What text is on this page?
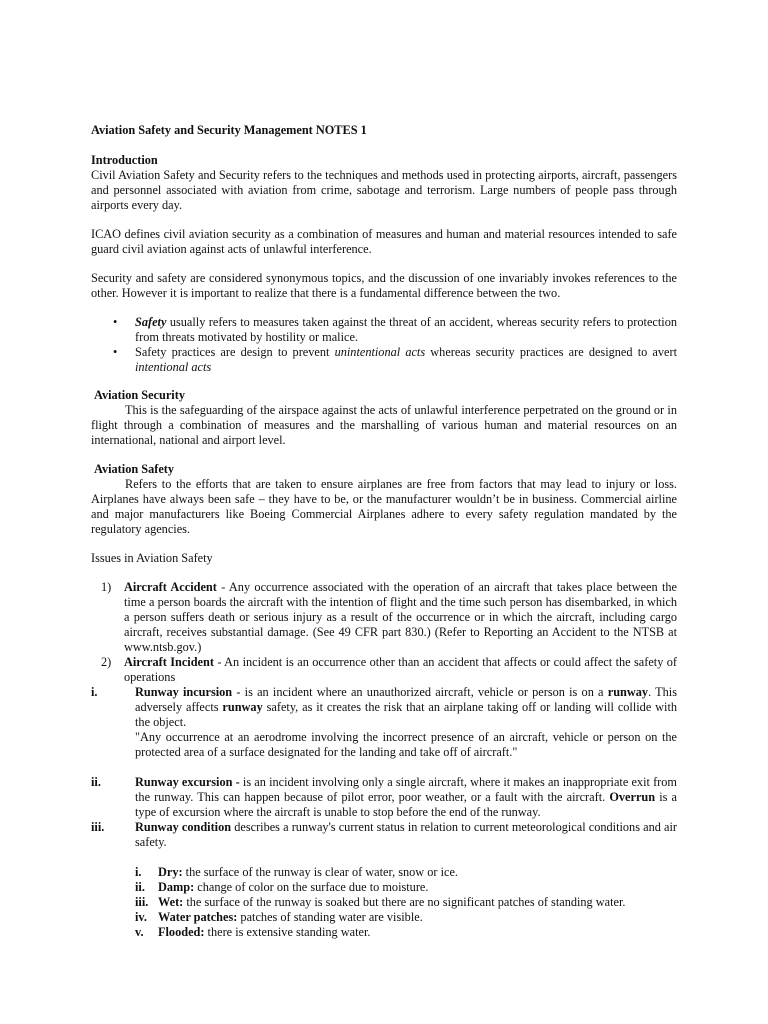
Aviation Safety and Security Management NOTES 1

Introduction

Civil Aviation Safety and Security refers to the techniques and methods used in protecting airports, aircraft, passengers and personnel associated with aviation from crime, sabotage and terrorism. Large numbers of people pass through airports every day.

ICAO defines civil aviation security as a combination of measures and human and material resources intended to safe guard civil aviation against acts of unlawful interference.

Security and safety are considered synonymous topics, and the discussion of one invariably invokes references to the other. However it is important to realize that there is a fundamental difference between the two.

• Safety usually refers to measures taken against the threat of an accident, whereas security refers to protection from threats motivated by hostility or malice.
• Safety practices are design to prevent unintentional acts whereas security practices are designed to avert intentional acts

Aviation Security

This is the safeguarding of the airspace against the acts of unlawful interference perpetrated on the ground or in flight through a combination of measures and the marshalling of various human and material resources on an international, national and airport level.

Aviation Safety

Refers to the efforts that are taken to ensure airplanes are free from factors that may lead to injury or loss. Airplanes have always been safe – they have to be, or the manufacturer wouldn’t be in business. Commercial airline and major manufacturers like Boeing Commercial Airplanes adhere to every safety regulation mandated by the regulatory agencies.

Issues in Aviation Safety

1) Aircraft Accident - Any occurrence associated with the operation of an aircraft that takes place between the time a person boards the aircraft with the intention of flight and the time such person has disembarked, in which a person suffers death or serious injury as a result of the occurrence or in which the aircraft, including cargo aircraft, receives substantial damage. (See 49 CFR part 830.) (Refer to Reporting an Accident to the NTSB at www.ntsb.gov.)
2) Aircraft Incident - An incident is an occurrence other than an accident that affects or could affect the safety of operations
i.	Runway incursion - is an incident where an unauthorized aircraft, vehicle or person is on a runway. This adversely affects runway safety, as it creates the risk that an airplane taking off or landing will collide with the object.
"Any occurrence at an aerodrome involving the incorrect presence of an aircraft, vehicle or person on the protected area of a surface designated for the landing and take off of aircraft."
ii.	Runway excursion - is an incident involving only a single aircraft, where it makes an inappropriate exit from the runway. This can happen because of pilot error, poor weather, or a fault with the aircraft. Overrun is a type of excursion where the aircraft is unable to stop before the end of the runway.
iii. Runway condition describes a runway's current status in relation to current meteorological conditions and air safety.
i. Dry: the surface of the runway is clear of water, snow or ice.
ii. Damp: change of color on the surface due to moisture.
iii. Wet: the surface of the runway is soaked but there are no significant patches of standing water.
iv. Water patches: patches of standing water are visible.
v. Flooded: there is extensive standing water.
